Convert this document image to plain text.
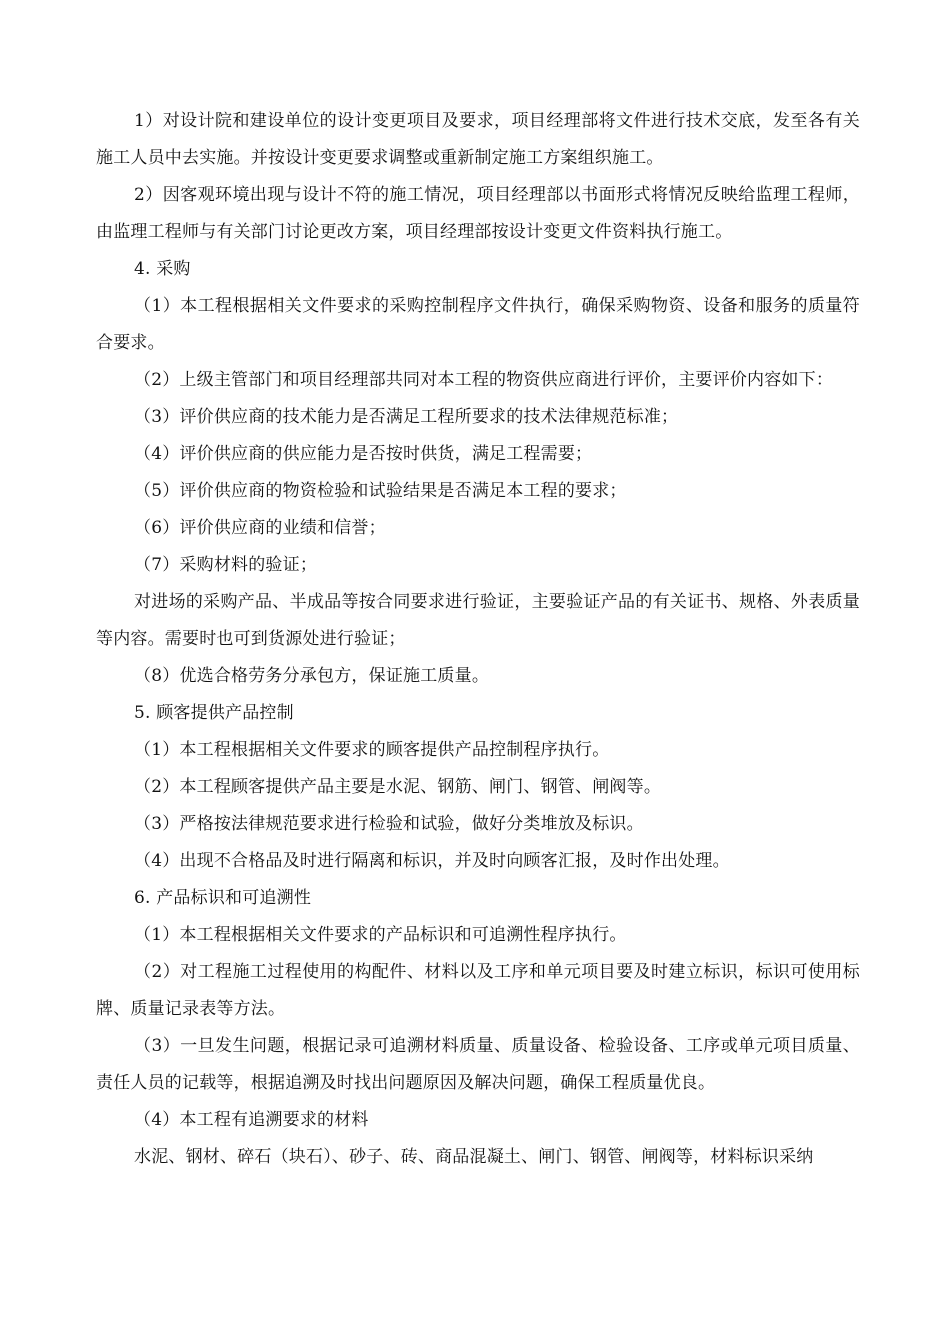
1）对设计院和建设单位的设计变更项目及要求，项目经理部将文件进行技术交底，发至各有关施工人员中去实施。并按设计变更要求调整或重新制定施工方案组织施工。

2）因客观环境出现与设计不符的施工情况，项目经理部以书面形式将情况反映给监理工程师，由监理工程师与有关部门讨论更改方案，项目经理部按设计变更文件资料执行施工。

4. 采购

（1）本工程根据相关文件要求的采购控制程序文件执行，确保采购物资、设备和服务的质量符合要求。

（2）上级主管部门和项目经理部共同对本工程的物资供应商进行评价，主要评价内容如下：

（3）评价供应商的技术能力是否满足工程所要求的技术法律规范标准；

（4）评价供应商的供应能力是否按时供货，满足工程需要；

（5）评价供应商的物资检验和试验结果是否满足本工程的要求；

（6）评价供应商的业绩和信誉；

（7）采购材料的验证；

对进场的采购产品、半成品等按合同要求进行验证，主要验证产品的有关证书、规格、外表质量等内容。需要时也可到货源处进行验证；

（8）优选合格劳务分承包方，保证施工质量。

5. 顾客提供产品控制

（1）本工程根据相关文件要求的顾客提供产品控制程序执行。

（2）本工程顾客提供产品主要是水泥、钢筋、闸门、钢管、闸阀等。

（3）严格按法律规范要求进行检验和试验，做好分类堆放及标识。

（4）出现不合格品及时进行隔离和标识，并及时向顾客汇报，及时作出处理。

6. 产品标识和可追溯性

（1）本工程根据相关文件要求的产品标识和可追溯性程序执行。

（2）对工程施工过程使用的构配件、材料以及工序和单元项目要及时建立标识，标识可使用标牌、质量记录表等方法。

（3）一旦发生问题，根据记录可追溯材料质量、质量设备、检验设备、工序或单元项目质量、责任人员的记载等，根据追溯及时找出问题原因及解决问题，确保工程质量优良。

（4）本工程有追溯要求的材料

水泥、钢材、碎石（块石）、砂子、砖、商品混凝土、闸门、钢管、闸阀等，材料标识采纳
